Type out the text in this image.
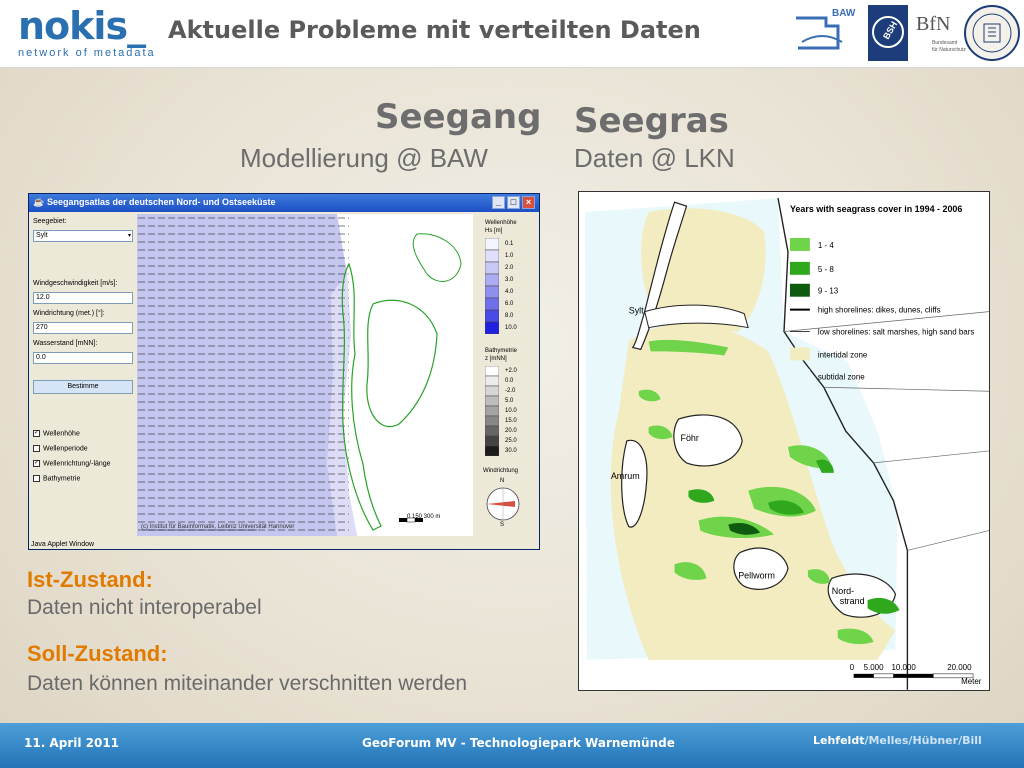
nokis_
network of metadata
Aktuelle Probleme mit verteilten Daten
BAW
BSH BfN
Bundesamt
für Naturschutz
Seegang
Modellierung @ BAW
Seegras
Daten @ LKN
☕ Seegangsatlas der deutschen Nord- und Ostseeküste	_	□	×
Seegebiet:
Sylt	▾
Windgeschwindigkeit [m/s]:
12.0
Windrichtung (met.) [°]:
270
Wasserstand [mNN]:
0.0
Bestimme
✓ Wellenhöhe
Wellenperiode
✓ Wellenrichtung/-länge
Bathymetrie
(c) Institut für Bauinformatik, Leibniz Universität Hannover
0 150 300 m
Wellenhöhe
Hs [m]
0.1
1.0
2.0
3.0
4.0
6.0
8.0
10.0
Bathymetrie
z [mNN]
+2.0
0.0
-2.0
5.0
10.0
15.0
20.0
25.0
30.0
Windrichtung
N
S
Java Applet Window
Years with seagrass cover in 1994 - 2006
1 - 4
5 - 8
9 - 13
high shorelines: dikes, dunes, cliffs
low shorelines: salt marshes, high sand bars
intertidal zone
subtidal zone
Sylt
Föhr
Amrum
Pellworm
Nord-
strand
0 5.000 10.000	20.000
Meter
Ist-Zustand:
Daten nicht interoperabel
Soll-Zustand:
Daten können miteinander verschnitten werden
11. April 2011	GeoForum MV - Technologiepark Warnemünde	Lehfeldt/Melles/Hübner/Bill
